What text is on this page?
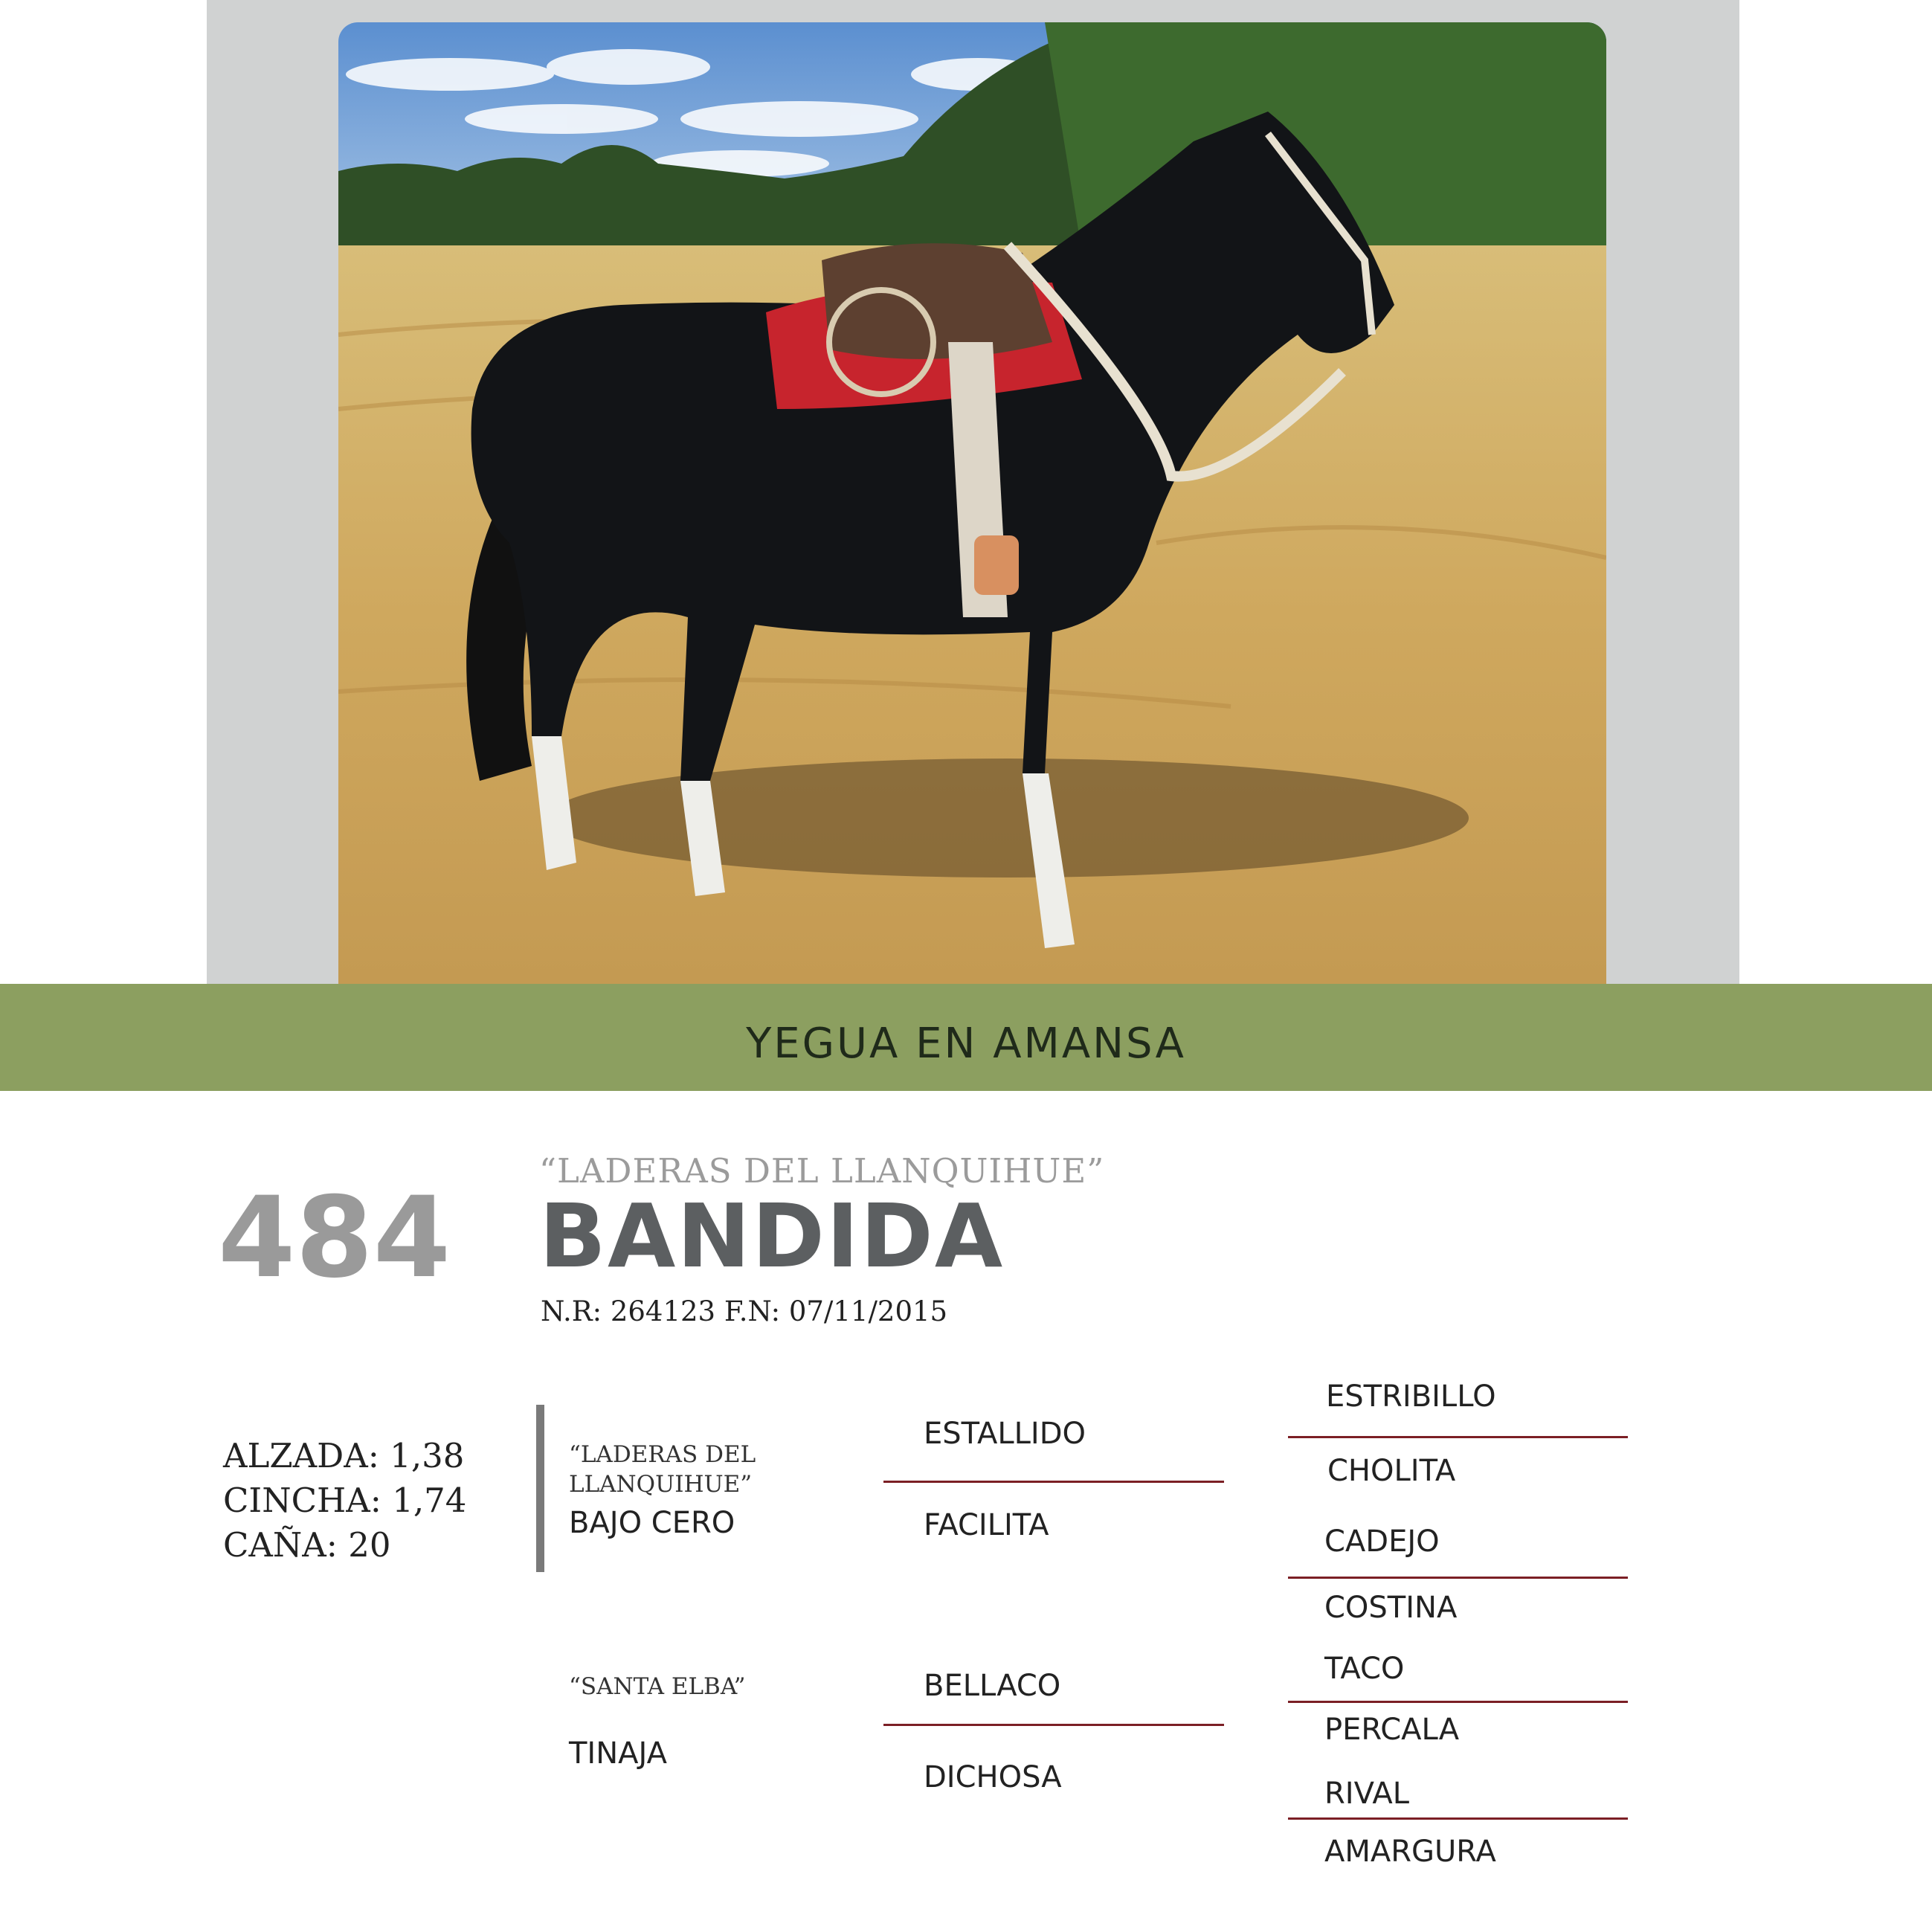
YEGUA EN AMANSA
484
“LADERAS DEL LLANQUIHUE”
BANDIDA
N.R: 264123 F.N: 07/11/2015
ALZADA: 1,38
CINCHA: 1,74
CAÑA: 20
“LADERAS DEL
LLANQUIHUE”
BAJO CERO
“SANTA ELBA”
TINAJA
ESTALLIDO
FACILITA
BELLACO
DICHOSA
ESTRIBILLO
CHOLITA
CADEJO
COSTINA
TACO
PERCALA
RIVAL
AMARGURA
